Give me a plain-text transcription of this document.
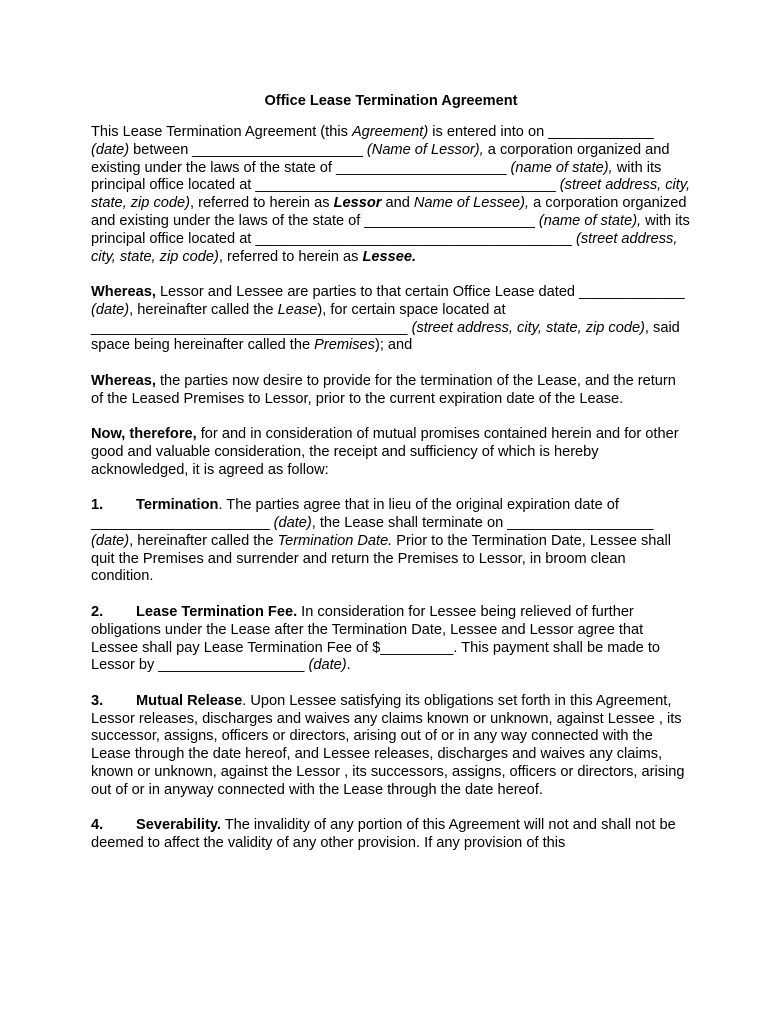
Office Lease Termination Agreement

This Lease Termination Agreement (this Agreement) is entered into on _____________ (date) between _____________________ (Name of Lessor), a corporation organized and existing under the laws of the state of _____________________ (name of state), with its principal office located at _____________________________________ (street address, city, state, zip code), referred to herein as Lessor and Name of Lessee), a corporation organized and existing under the laws of the state of _____________________ (name of state), with its principal office located at _______________________________________ (street address, city, state, zip code), referred to herein as Lessee.

Whereas, Lessor and Lessee are parties to that certain Office Lease dated _____________ (date), hereinafter called the Lease), for certain space located at _______________________________________ (street address, city, state, zip code), said space being hereinafter called the Premises); and

Whereas, the parties now desire to provide for the termination of the Lease, and the return of the Leased Premises to Lessor, prior to the current expiration date of the Lease.

Now, therefore, for and in consideration of mutual promises contained herein and for other good and valuable consideration, the receipt and sufficiency of which is hereby acknowledged, it is agreed as follow:

1. Termination. The parties agree that in lieu of the original expiration date of ______________________ (date), the Lease shall terminate on __________________ (date), hereinafter called the Termination Date. Prior to the Termination Date, Lessee shall quit the Premises and surrender and return the Premises to Lessor, in broom clean condition.

2. Lease Termination Fee. In consideration for Lessee being relieved of further obligations under the Lease after the Termination Date, Lessee and Lessor agree that Lessee shall pay Lease Termination Fee of $_________. This payment shall be made to Lessor by __________________ (date).

3. Mutual Release. Upon Lessee satisfying its obligations set forth in this Agreement, Lessor releases, discharges and waives any claims known or unknown, against Lessee , its successor, assigns, officers or directors, arising out of or in any way connected with the Lease through the date hereof, and Lessee releases, discharges and waives any claims, known or unknown, against the Lessor , its successors, assigns, officers or directors, arising out of or in anyway connected with the Lease through the date hereof.

4. Severability. The invalidity of any portion of this Agreement will not and shall not be deemed to affect the validity of any other provision. If any provision of this
